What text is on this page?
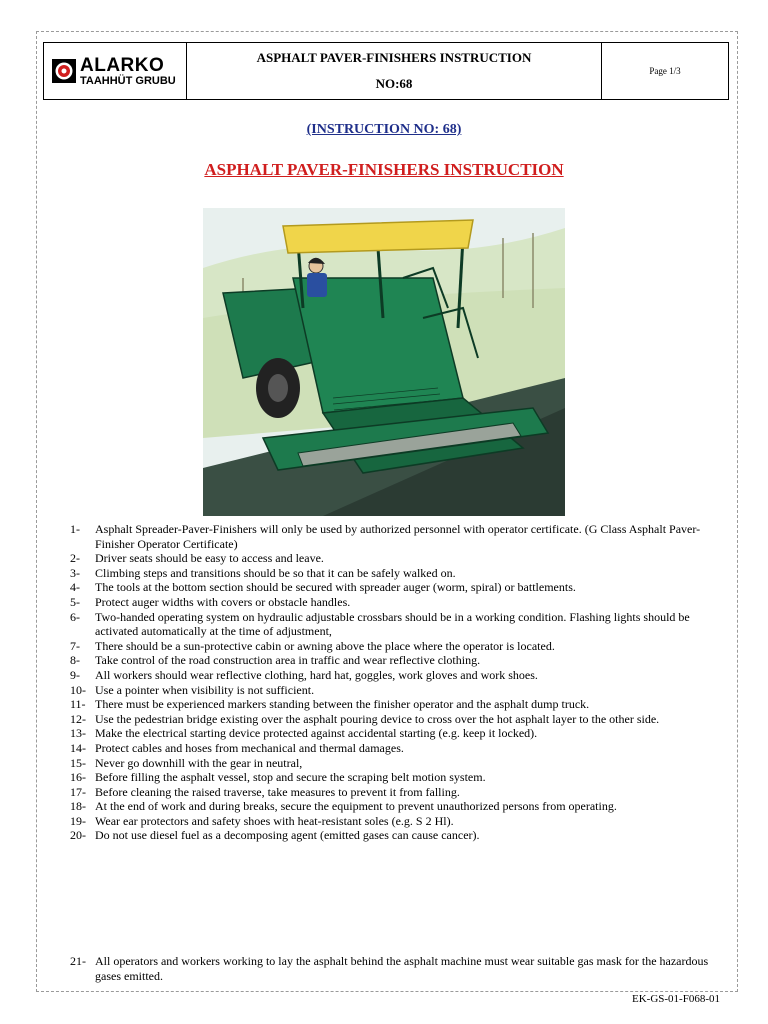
ALARKO
TAAHHÜT GRUBU
ASPHALT PAVER-FINISHERS INSTRUCTION
NO:68
Page 1/3
(INSTRUCTION NO: 68)
ASPHALT PAVER-FINISHERS INSTRUCTION
1-	Asphalt Spreader-Paver-Finishers will only be used by authorized personnel with operator certificate. (G Class Asphalt Paver-Finisher Operator Certificate)
2-	Driver seats should be easy to access and leave.
3-	Climbing steps and transitions should be so that it can be safely walked on.
4-	The tools at the bottom section should be secured with spreader auger (worm, spiral) or battlements.
5-	Protect auger widths with covers or obstacle handles.
6-	Two-handed operating system on hydraulic adjustable crossbars should be in a working condition. Flashing lights should be activated automatically at the time of adjustment,
7-	There should be a sun-protective cabin or awning above the place where the operator is located.
8-	Take control of the road construction area in traffic and wear reflective clothing.
9-	All workers should wear reflective clothing, hard hat, goggles, work gloves and work shoes.
10- Use a pointer when visibility is not sufficient.
11- There must be experienced markers standing between the finisher operator and the asphalt dump truck.
12- Use the pedestrian bridge existing over the asphalt pouring device to cross over the hot asphalt layer to the other side.
13- Make the electrical starting device protected against accidental starting (e.g. keep it locked).
14- Protect cables and hoses from mechanical and thermal damages.
15- Never go downhill with the gear in neutral,
16- Before filling the asphalt vessel, stop and secure the scraping belt motion system.
17- Before cleaning the raised traverse, take measures to prevent it from falling.
18- At the end of work and during breaks, secure the equipment to prevent unauthorized persons from operating.
19- Wear ear protectors and safety shoes with heat-resistant soles (e.g. S 2 Hl).
20- Do not use diesel fuel as a decomposing agent (emitted gases can cause cancer).
21- All operators and workers working to lay the asphalt behind the asphalt machine must wear suitable gas mask for the hazardous gases emitted.
EK-GS-01-F068-01
